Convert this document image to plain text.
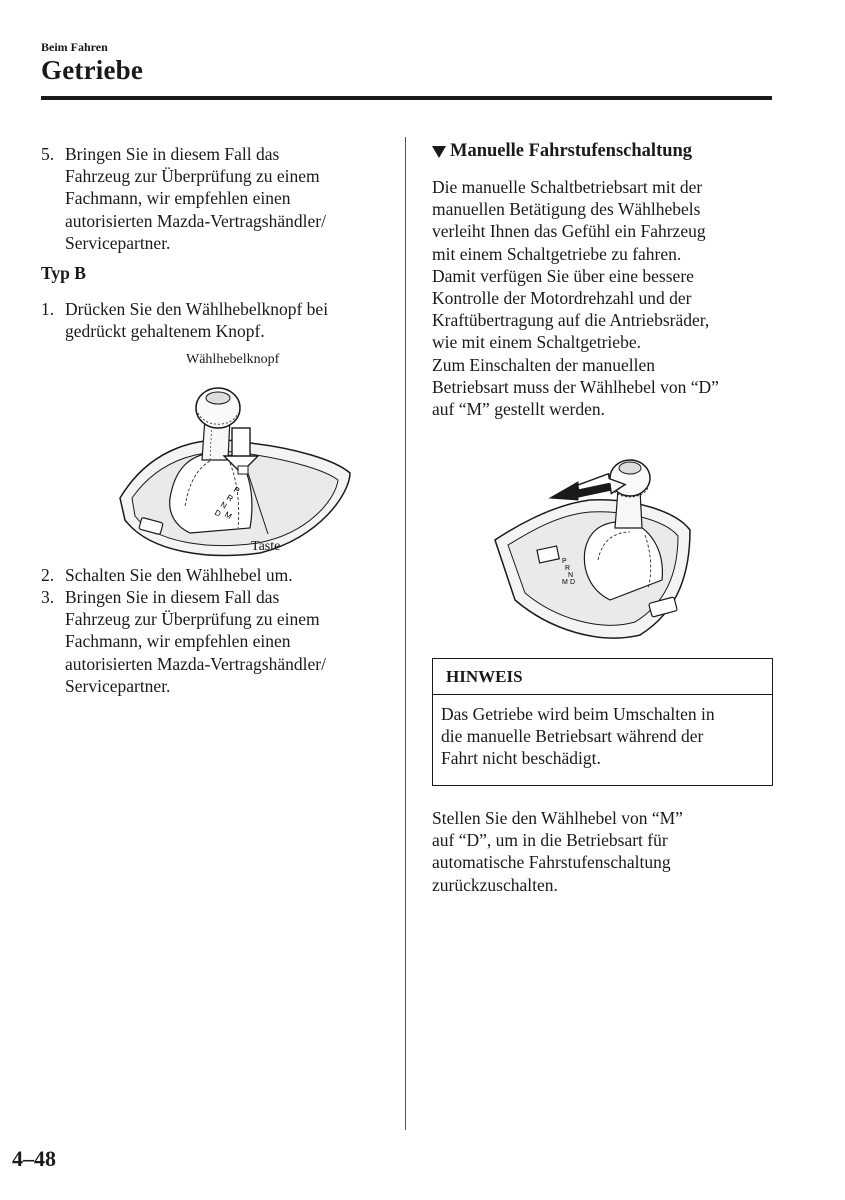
Beim Fahren
Getriebe
5. Bringen Sie in diesem Fall das
Fahrzeug zur Überprüfung zu einem
Fachmann, wir empfehlen einen
autorisierten Mazda-Vertragshändler/
Servicepartner.
Typ B
1. Drücken Sie den Wählhebelknopf bei
gedrückt gehaltenem Knopf.
Wählhebelknopf
P
R
N
D M
Taste
2. Schalten Sie den Wählhebel um.
3. Bringen Sie in diesem Fall das
Fahrzeug zur Überprüfung zu einem
Fachmann, wir empfehlen einen
autorisierten Mazda-Vertragshändler/
Servicepartner.
Manuelle Fahrstufenschaltung
Die manuelle Schaltbetriebsart mit der
manuellen Betätigung des Wählhebels
verleiht Ihnen das Gefühl ein Fahrzeug
mit einem Schaltgetriebe zu fahren.
Damit verfügen Sie über eine bessere
Kontrolle der Motordrehzahl und der
Kraftübertragung auf die Antriebsräder,
wie mit einem Schaltgetriebe.
Zum Einschalten der manuellen
Betriebsart muss der Wählhebel von “D”
auf “M” gestellt werden.
P
R
N
D
M
HINWEIS
Das Getriebe wird beim Umschalten in
die manuelle Betriebsart während der
Fahrt nicht beschädigt.
Stellen Sie den Wählhebel von “M”
auf “D”, um in die Betriebsart für
automatische Fahrstufenschaltung
zurückzuschalten.
4–48
